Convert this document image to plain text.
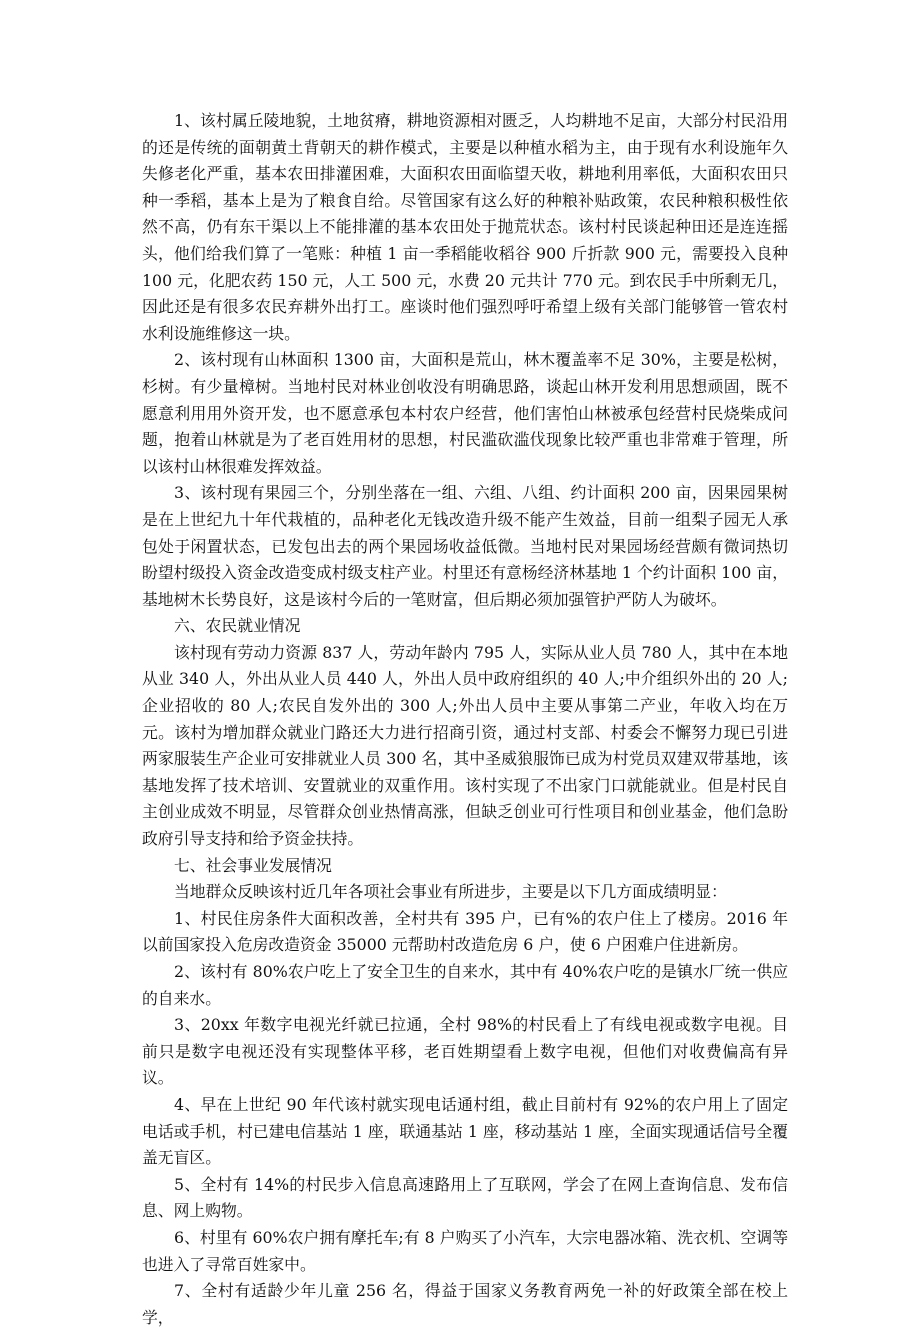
1、该村属丘陵地貌，土地贫瘠，耕地资源相对匮乏，人均耕地不足亩，大部分村民沿用的还是传统的面朝黄土背朝天的耕作模式，主要是以种植水稻为主，由于现有水利设施年久失修老化严重，基本农田排灌困难，大面积农田面临望天收，耕地利用率低，大面积农田只种一季稻，基本上是为了粮食自给。尽管国家有这么好的种粮补贴政策，农民种粮积极性依然不高，仍有东干渠以上不能排灌的基本农田处于抛荒状态。该村村民谈起种田还是连连摇头，他们给我们算了一笔账：种植 1 亩一季稻能收稻谷 900 斤折款 900 元，需要投入良种 100 元，化肥农药 150 元，人工 500 元，水费 20 元共计 770 元。到农民手中所剩无几，因此还是有很多农民弃耕外出打工。座谈时他们强烈呼吁希望上级有关部门能够管一管农村水利设施维修这一块。

2、该村现有山林面积 1300 亩，大面积是荒山，林木覆盖率不足 30%，主要是松树，杉树。有少量樟树。当地村民对林业创收没有明确思路，谈起山林开发利用思想顽固，既不愿意利用用外资开发，也不愿意承包本村农户经营，他们害怕山林被承包经营村民烧柴成问题，抱着山林就是为了老百姓用材的思想，村民滥砍滥伐现象比较严重也非常难于管理，所以该村山林很难发挥效益。

3、该村现有果园三个，分别坐落在一组、六组、八组、约计面积 200 亩，因果园果树是在上世纪九十年代栽植的，品种老化无钱改造升级不能产生效益，目前一组梨子园无人承包处于闲置状态，已发包出去的两个果园场收益低微。当地村民对果园场经营颇有微词热切盼望村级投入资金改造变成村级支柱产业。村里还有意杨经济林基地 1 个约计面积 100 亩，基地树木长势良好，这是该村今后的一笔财富，但后期必须加强管护严防人为破坏。

六、农民就业情况

该村现有劳动力资源 837 人，劳动年龄内 795 人，实际从业人员 780 人，其中在本地从业 340 人，外出从业人员 440 人，外出人员中政府组织的 40 人;中介组织外出的 20 人;企业招收的 80 人;农民自发外出的 300 人;外出人员中主要从事第二产业，年收入均在万元。该村为增加群众就业门路还大力进行招商引资，通过村支部、村委会不懈努力现已引进两家服装生产企业可安排就业人员 300 名，其中圣威狼服饰已成为村党员双建双带基地，该基地发挥了技术培训、安置就业的双重作用。该村实现了不出家门口就能就业。但是村民自主创业成效不明显，尽管群众创业热情高涨，但缺乏创业可行性项目和创业基金，他们急盼政府引导支持和给予资金扶持。

七、社会事业发展情况

当地群众反映该村近几年各项社会事业有所进步，主要是以下几方面成绩明显：

1、村民住房条件大面积改善，全村共有 395 户，已有%的农户住上了楼房。2016 年以前国家投入危房改造资金 35000 元帮助村改造危房 6 户，使 6 户困难户住进新房。

2、该村有 80%农户吃上了安全卫生的自来水，其中有 40%农户吃的是镇水厂统一供应的自来水。

3、20xx 年数字电视光纤就已拉通，全村 98%的村民看上了有线电视或数字电视。目前只是数字电视还没有实现整体平移，老百姓期望看上数字电视，但他们对收费偏高有异议。

4、早在上世纪 90 年代该村就实现电话通村组，截止目前村有 92%的农户用上了固定电话或手机，村已建电信基站 1 座，联通基站 1 座，移动基站 1 座，全面实现通话信号全覆盖无盲区。

5、全村有 14%的村民步入信息高速路用上了互联网，学会了在网上查询信息、发布信息、网上购物。

6、村里有 60%农户拥有摩托车;有 8 户购买了小汽车，大宗电器冰箱、洗衣机、空调等也进入了寻常百姓家中。

7、全村有适龄少年儿童 256 名，得益于国家义务教育两免一补的好政策全部在校上学，
